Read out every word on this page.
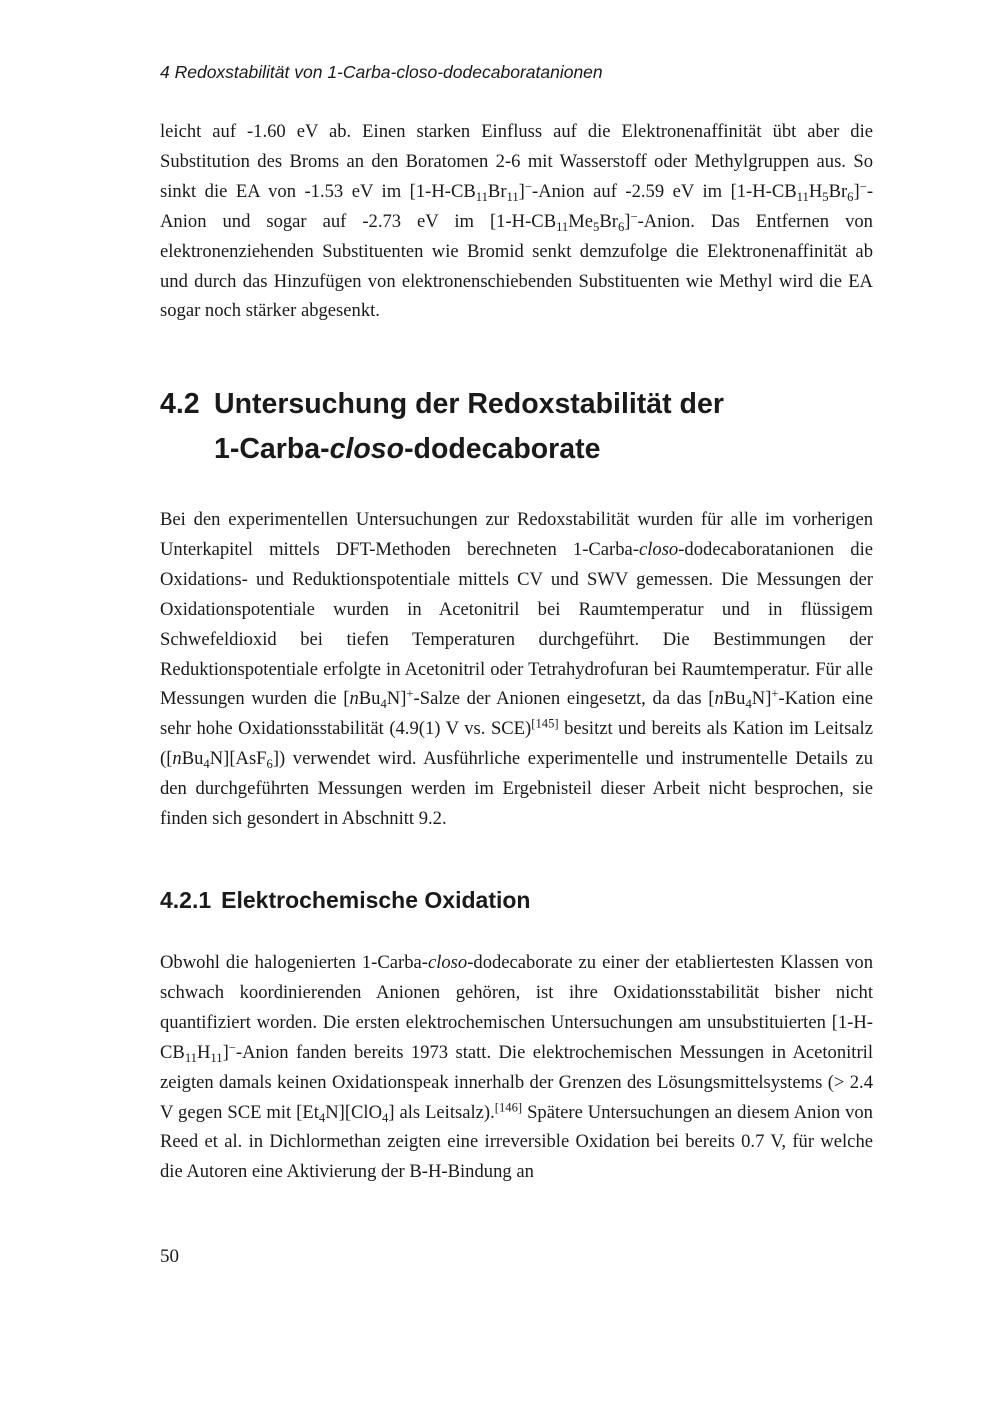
4 Redoxstabilität von 1-Carba-closo-dodecaboratanionen

leicht auf -1.60 eV ab. Einen starken Einfluss auf die Elektronenaffinität übt aber die Substitution des Broms an den Boratomen 2-6 mit Wasserstoff oder Methylgruppen aus. So sinkt die EA von -1.53 eV im $[1-H-CB_{11}Br_{11}]^-$-Anion auf -2.59 eV im $[1-H-CB_{11}H_5Br_6]^-$-Anion und sogar auf -2.73 eV im $[1-H-CB_{11}Me_5Br_6]^-$-Anion. Das Entfernen von elektronenziehenden Substituenten wie Bromid senkt demzufolge die Elektronenaffinität ab und durch das Hinzufügen von elektronenschiebenden Substituenten wie Methyl wird die EA sogar noch stärker abgesenkt.

4.2 Untersuchung der Redoxstabilität der
1-Carba-closo-dodecaborate

Bei den experimentellen Untersuchungen zur Redoxstabilität wurden für alle im vorherigen Unterkapitel mittels DFT-Methoden berechneten 1-Carba-closo-dodecaboratanionen die Oxidations- und Reduktionspotentiale mittels CV und SWV gemessen. Die Messungen der Oxidationspotentiale wurden in Acetonitril bei Raumtemperatur und in flüssigem Schwefeldioxid bei tiefen Temperaturen durchgeführt. Die Bestimmungen der Reduktionspotentiale erfolgte in Acetonitril oder Tetrahydrofuran bei Raumtemperatur. Für alle Messungen wurden die [nBu$_4$N]+-Salze der Anionen eingesetzt, da das [nBu$_4$N]+-Kation eine sehr hohe Oxidationsstabilität (4.9(1) V vs. SCE)[145] besitzt und bereits als Kation im Leitsalz ([nBu$_4$N][AsF$_6$]) verwendet wird. Ausführliche experimentelle und instrumentelle Details zu den durchgeführten Messungen werden im Ergebnisteil dieser Arbeit nicht besprochen, sie finden sich gesondert in Abschnitt 9.2.

4.2.1 Elektrochemische Oxidation

Obwohl die halogenierten 1-Carba-closo-dodecaborate zu einer der etabliertesten Klassen von schwach koordinierenden Anionen gehören, ist ihre Oxidationsstabilität bisher nicht quantifiziert worden. Die ersten elektrochemischen Untersuchungen am unsubstituierten $[1-H-CB_{11}H_{11}]^-$-Anion fanden bereits 1973 statt. Die elektrochemischen Messungen in Acetonitril zeigten damals keinen Oxidationspeak innerhalb der Grenzen des Lösungsmittelsystems (> 2.4 V gegen SCE mit $[Et_4N][ClO_4]$ als Leitsalz).[146] Spätere Untersuchungen an diesem Anion von Reed et al. in Dichlormethan zeigten eine irreversible Oxidation bei bereits 0.7 V, für welche die Autoren eine Aktivierung der B-H-Bindung an

50
